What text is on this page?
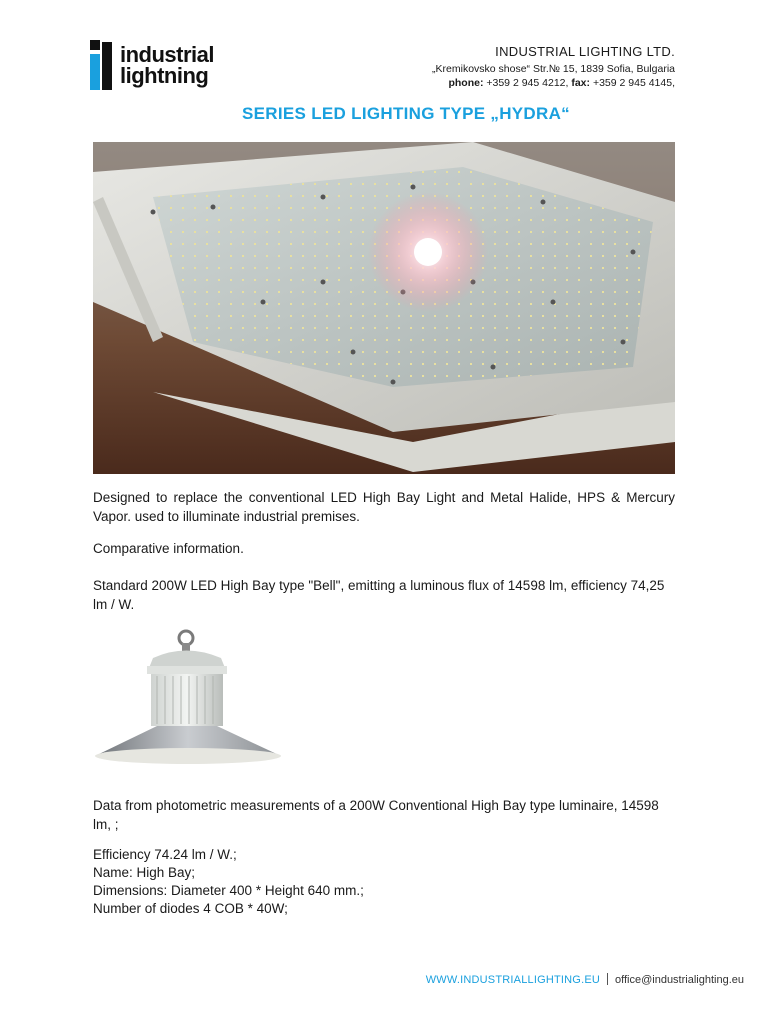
industrial
lightning
INDUSTRIAL LIGHTING LTD.
„Kremikovsko shose“ Str.№ 15, 1839 Sofia, Bulgaria
phone: +359 2 945 4212, fax: +359 2 945 4145,
SERIES LED LIGHTING TYPE „HYDRA“
Designed to replace the conventional LED High Bay Light and Metal Halide, HPS & Mercury Vapor. used to illuminate industrial premises.
Comparative information.
Standard 200W LED High Bay type "Bell", emitting a luminous flux of 14598 lm, efficiency 74,25 lm / W.
Data from photometric measurements of a 200W Conventional High Bay type luminaire, 14598 lm, ;
Efficiency 74.24 lm / W.;
Name: High Bay;
Dimensions: Diameter 400 * Height 640 mm.;
Number of diodes 4 COB * 40W;
WWW.INDUSTRIALLIGHTING.EU office@industrialighting.eu
